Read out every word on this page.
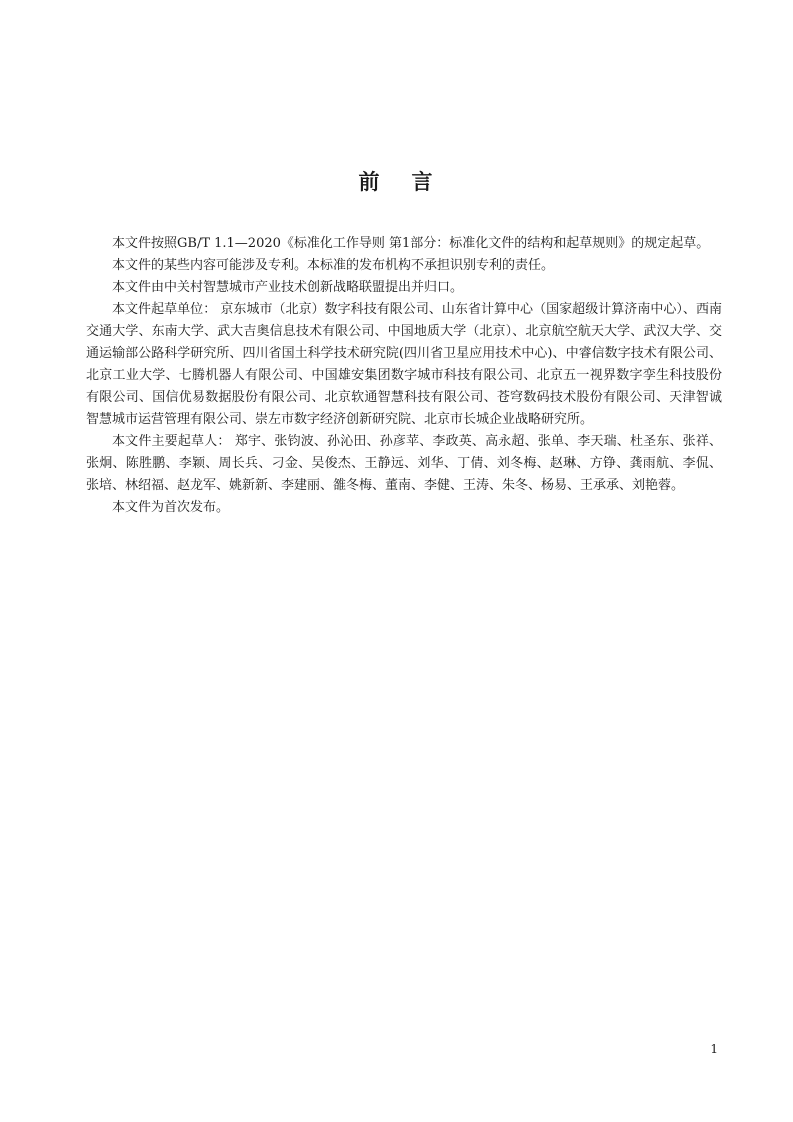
前 言

本文件按照GB/T 1.1—2020《标准化工作导则 第1部分：标准化文件的结构和起草规则》的规定起草。

本文件的某些内容可能涉及专利。本标准的发布机构不承担识别专利的责任。

本文件由中关村智慧城市产业技术创新战略联盟提出并归口。

本文件起草单位： 京东城市（北京）数字科技有限公司、山东省计算中心（国家超级计算济南中心）、西南交通大学、东南大学、武大吉奥信息技术有限公司、中国地质大学（北京）、北京航空航天大学、武汉大学、交通运输部公路科学研究所、四川省国土科学技术研究院(四川省卫星应用技术中心)、中睿信数字技术有限公司、北京工业大学、七腾机器人有限公司、中国雄安集团数字城市科技有限公司、北京五一视界数字孪生科技股份有限公司、国信优易数据股份有限公司、北京软通智慧科技有限公司、苍穹数码技术股份有限公司、天津智诚智慧城市运营管理有限公司、崇左市数字经济创新研究院、北京市长城企业战略研究所。

本文件主要起草人： 郑宇、张钧波、孙沁田、孙彦苹、李政英、高永超、张单、李天瑞、杜圣东、张祥、张炯、陈胜鹏、李颖、周长兵、刁金、吴俊杰、王静远、刘华、丁倩、刘冬梅、赵琳、方铮、龚雨航、李侃、张培、林绍福、赵龙军、姚新新、李建丽、雒冬梅、董南、李健、王涛、朱冬、杨易、王承承、刘艳蓉。

本文件为首次发布。

1
